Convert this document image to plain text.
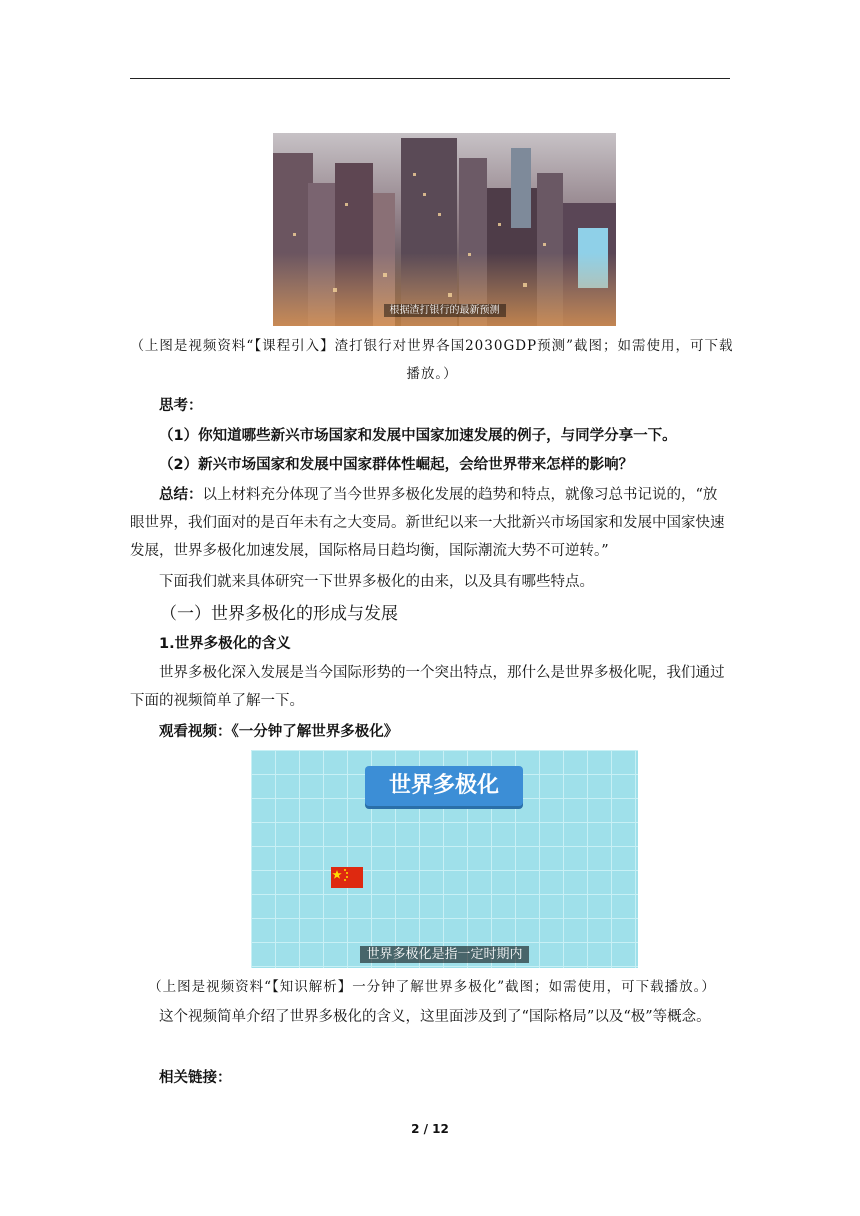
根据渣打银行的最新预测

（上图是视频资料“【课程引入】渣打银行对世界各国2030GDP预测”截图；如需使用，可下载播放。）

思考：

（1）你知道哪些新兴市场国家和发展中国家加速发展的例子，与同学分享一下。

（2）新兴市场国家和发展中国家群体性崛起，会给世界带来怎样的影响？

总结：以上材料充分体现了当今世界多极化发展的趋势和特点，就像习总书记说的，“放眼世界，我们面对的是百年未有之大变局。新世纪以来一大批新兴市场国家和发展中国家快速发展，世界多极化加速发展，国际格局日趋均衡，国际潮流大势不可逆转。”

下面我们就来具体研究一下世界多极化的由来，以及具有哪些特点。

（一）世界多极化的形成与发展

1.世界多极化的含义

世界多极化深入发展是当今国际形势的一个突出特点，那什么是世界多极化呢，我们通过下面的视频简单了解一下。

观看视频：《一分钟了解世界多极化》

世界多极化
世界多极化是指一定时期内

（上图是视频资料“【知识解析】一分钟了解世界多极化”截图；如需使用，可下载播放。）

这个视频简单介绍了世界多极化的含义，这里面涉及到了“国际格局”以及“极”等概念。

相关链接：

2 / 12
